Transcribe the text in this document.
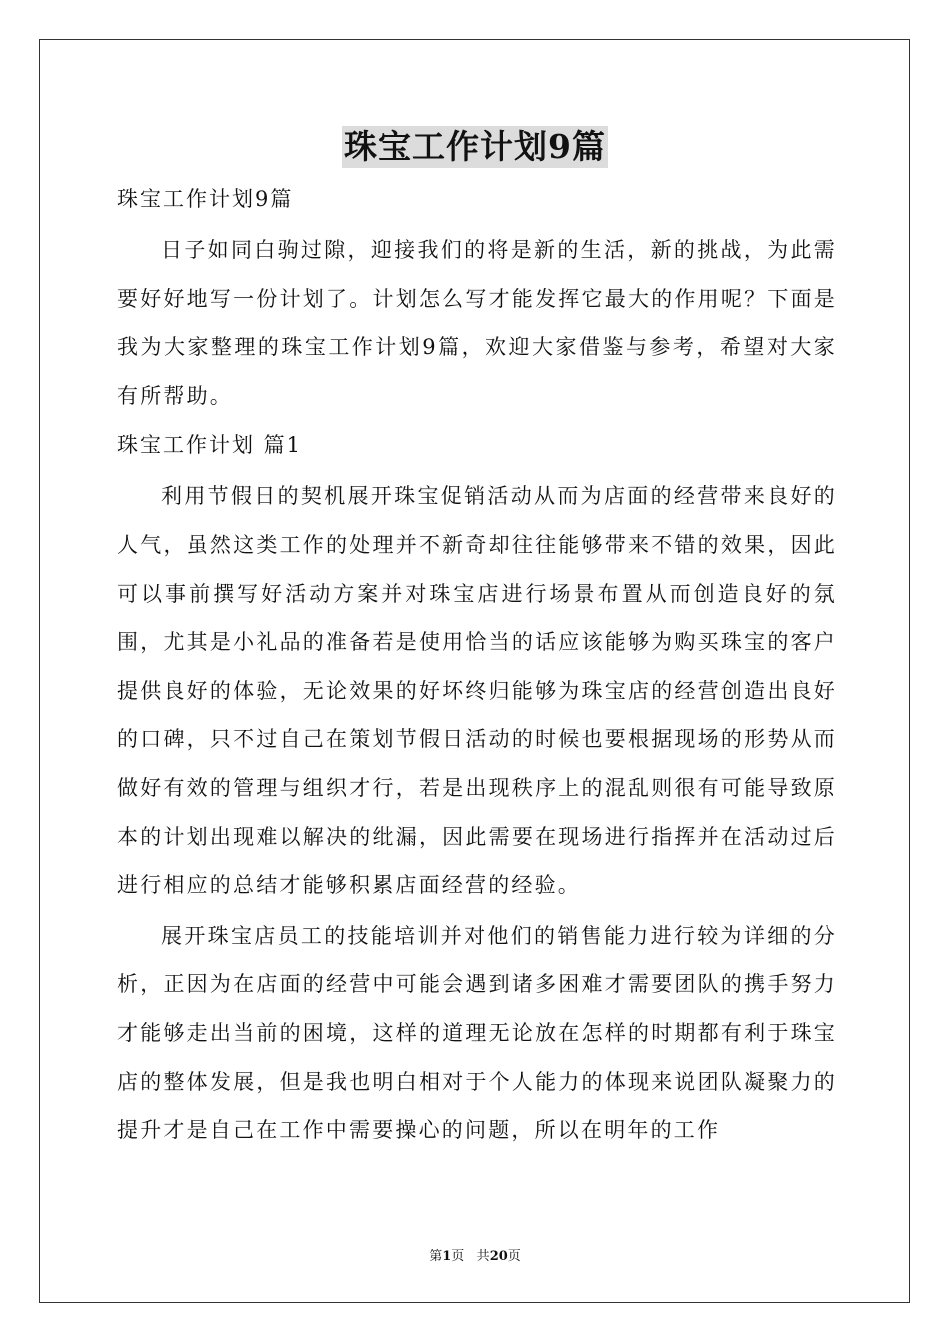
珠宝工作计划9篇

珠宝工作计划9篇

日子如同白驹过隙，迎接我们的将是新的生活，新的挑战，为此需要好好地写一份计划了。计划怎么写才能发挥它最大的作用呢？下面是我为大家整理的珠宝工作计划9篇，欢迎大家借鉴与参考，希望对大家有所帮助。

珠宝工作计划 篇1

利用节假日的契机展开珠宝促销活动从而为店面的经营带来良好的人气，虽然这类工作的处理并不新奇却往往能够带来不错的效果，因此可以事前撰写好活动方案并对珠宝店进行场景布置从而创造良好的氛围，尤其是小礼品的准备若是使用恰当的话应该能够为购买珠宝的客户提供良好的体验，无论效果的好坏终归能够为珠宝店的经营创造出良好的口碑，只不过自己在策划节假日活动的时候也要根据现场的形势从而做好有效的管理与组织才行，若是出现秩序上的混乱则很有可能导致原本的计划出现难以解决的纰漏，因此需要在现场进行指挥并在活动过后进行相应的总结才能够积累店面经营的经验。

展开珠宝店员工的技能培训并对他们的销售能力进行较为详细的分析，正因为在店面的经营中可能会遇到诸多困难才需要团队的携手努力才能够走出当前的困境，这样的道理无论放在怎样的时期都有利于珠宝店的整体发展，但是我也明白相对于个人能力的体现来说团队凝聚力的提升才是自己在工作中需要操心的问题，所以在明年的工作

第1页 共20页
